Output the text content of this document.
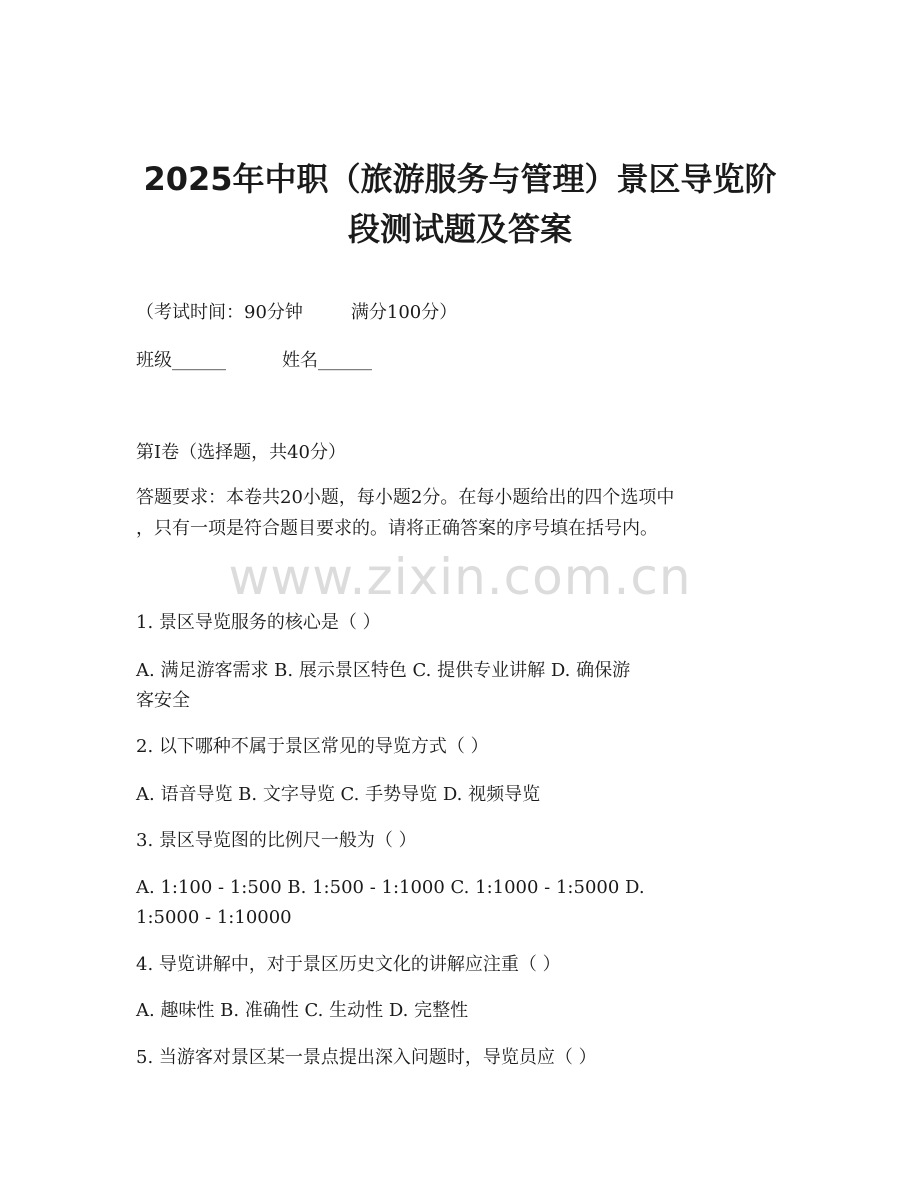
2025年中职（旅游服务与管理）景区导览阶
段测试题及答案

（考试时间：90分钟	满分100分）

班级______	姓名______

第I卷（选择题，共40分）

答题要求：本卷共20小题，每小题2分。在每小题给出的四个选项中

，只有一项是符合题目要求的。请将正确答案的序号填在括号内。

www.zixin.com.cn

1. 景区导览服务的核心是（ ）

A. 满足游客需求 B. 展示景区特色 C. 提供专业讲解 D. 确保游

客安全

2. 以下哪种不属于景区常见的导览方式（ ）

A. 语音导览 B. 文字导览 C. 手势导览 D. 视频导览

3. 景区导览图的比例尺一般为（ ）

A. 1:100 - 1:500 B. 1:500 - 1:1000 C. 1:1000 - 1:5000 D.

1:5000 - 1:10000

4. 导览讲解中，对于景区历史文化的讲解应注重（ ）

A. 趣味性 B. 准确性 C. 生动性 D. 完整性

5. 当游客对景区某一景点提出深入问题时，导览员应（ ）
